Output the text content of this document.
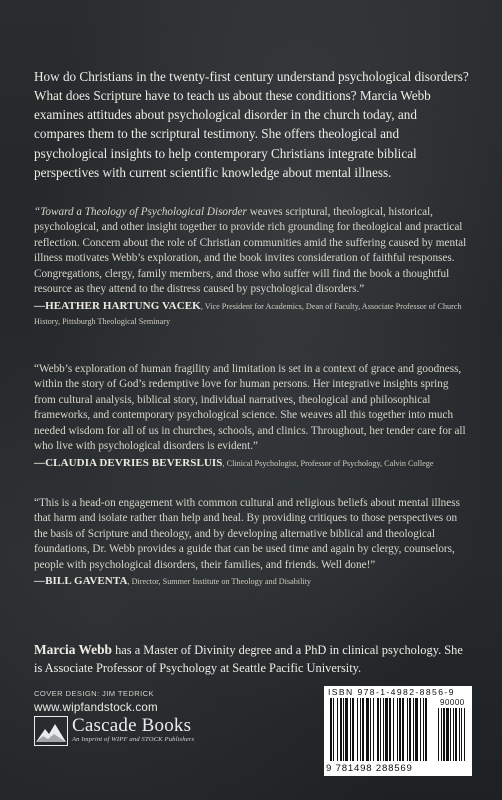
How do Christians in the twenty-first century understand psychological disorders? What does Scripture have to teach us about these conditions? Marcia Webb examines attitudes about psychological disorder in the church today, and compares them to the scriptural testimony. She offers theological and psychological insights to help contemporary Christians integrate biblical perspectives with current scientific knowledge about mental illness.
“Toward a Theology of Psychological Disorder weaves scriptural, theological, historical, psychological, and other insight together to provide rich grounding for theological and practical reflection. Concern about the role of Christian communities amid the suffering caused by mental illness motivates Webb’s exploration, and the book invites consideration of faithful responses. Congregations, clergy, family members, and those who suffer will find the book a thoughtful resource as they attend to the distress caused by psychological disorders.”
—HEATHER HARTUNG VACEK, Vice President for Academics, Dean of Faculty, Associate Professor of Church History, Pittsburgh Theological Seminary
“Webb’s exploration of human fragility and limitation is set in a context of grace and goodness, within the story of God’s redemptive love for human persons. Her integrative insights spring from cultural analysis, biblical story, individual narratives, theological and philosophical frameworks, and contemporary psychological science. She weaves all this together into much needed wisdom for all of us in churches, schools, and clinics. Throughout, her tender care for all who live with psychological disorders is evident.”
—CLAUDIA DEVRIES BEVERSLUIS, Clinical Psychologist, Professor of Psychology, Calvin College
“This is a head-on engagement with common cultural and religious beliefs about mental illness that harm and isolate rather than help and heal. By providing critiques to those perspectives on the basis of Scripture and theology, and by developing alternative biblical and theological foundations, Dr. Webb provides a guide that can be used time and again by clergy, counselors, people with psychological disorders, their families, and friends. Well done!”
—BILL GAVENTA, Director, Summer Institute on Theology and Disability
Marcia Webb has a Master of Divinity degree and a PhD in clinical psychology. She is Associate Professor of Psychology at Seattle Pacific University.
COVER DESIGN: JIM TEDRICK
www.wipfandstock.com
Cascade Books
An Imprint of WIPF and STOCK Publishers
ISBN 978-1-4982-8856-9
90000
9 781498 288569
